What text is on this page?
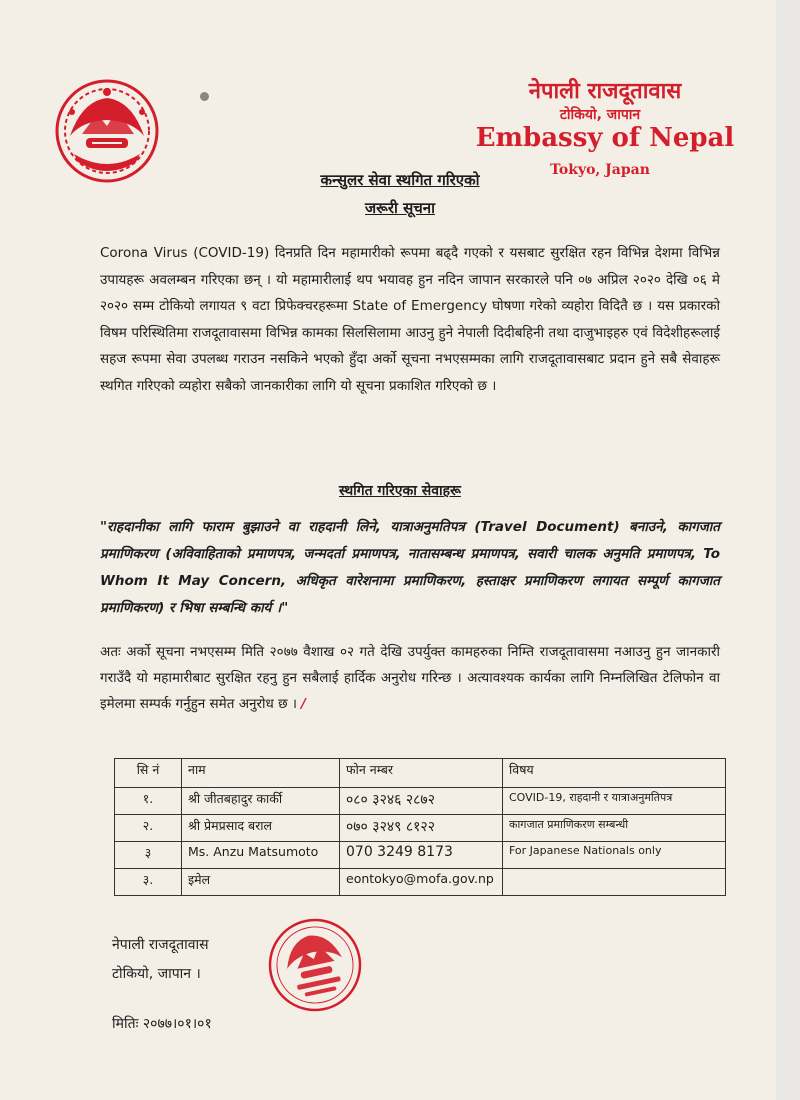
नेपाली राजदूतावास
टोकियो, जापान
Embassy of Nepal
Tokyo, Japan
कन्सुलर सेवा स्थगित गरिएको
जरूरी सूचना
Corona Virus (COVID-19) दिनप्रति दिन महामारीको रूपमा बढ्दै गएको र यसबाट सुरक्षित रहन विभिन्न देशमा विभिन्न उपायहरू अवलम्बन गरिएका छन् । यो महामारीलाई थप भयावह हुन नदिन जापान सरकारले पनि ०७ अप्रिल २०२० देखि ०६ मे २०२० सम्म टोकियो लगायत ९ वटा प्रिफेक्चरहरूमा State of Emergency घोषणा गरेको व्यहोरा विदितै छ । यस प्रकारको विषम परिस्थितिमा राजदूतावासमा विभिन्न कामका सिलसिलामा आउनु हुने नेपाली दिदीबहिनी तथा दाजुभाइहरु एवं विदेशीहरूलाई सहज रूपमा सेवा उपलब्ध गराउन नसकिने भएको हुँदा अर्को सूचना नभएसम्मका लागि राजदूतावासबाट प्रदान हुने सबै सेवाहरू स्थगित गरिएको व्यहोरा सबैको जानकारीका लागि यो सूचना प्रकाशित गरिएको छ ।
स्थगित गरिएका सेवाहरू
"राहदानीका लागि फाराम बुझाउने वा राहदानी लिने, यात्राअनुमतिपत्र (Travel Document) बनाउने, कागजात प्रमाणिकरण (अविवाहिताको प्रमाणपत्र, जन्मदर्ता प्रमाणपत्र, नातासम्बन्ध प्रमाणपत्र, सवारी चालक अनुमति प्रमाणपत्र, To Whom It May Concern, अधिकृत वारेशनामा प्रमाणिकरण, हस्ताक्षर प्रमाणिकरण लगायत सम्पूर्ण कागजात प्रमाणिकरण) र भिषा सम्बन्धि कार्य ।"
अतः अर्को सूचना नभएसम्म मिति २०७७ वैशाख ०२ गते देखि उपर्युक्त कामहरुका निम्ति राजदूतावासमा नआउनु हुन जानकारी गराउँदै यो महामारीबाट सुरक्षित रहनु हुन सबैलाई हार्दिक अनुरोध गरिन्छ । अत्यावश्यक कार्यका लागि निम्नलिखित टेलिफोन वा इमेलमा सम्पर्क गर्नुहुन समेत अनुरोध छ । /
सि नं	नाम	फोन नम्बर	विषय
१.	श्री जीतबहादुर कार्की	०८० ३२४६ २८७२	COVID-19, राहदानी र यात्राअनुमतिपत्र
२.	श्री प्रेमप्रसाद बराल	०७० ३२४९ ८१२२	कागजात प्रमाणिकरण सम्बन्धी
३	Ms. Anzu Matsumoto	070 3249 8173	For Japanese Nationals only
३.	इमेल	eontokyo@mofa.gov.np	
नेपाली राजदूतावास
टोकियो, जापान ।
मितिः २०७७।०१।०१
